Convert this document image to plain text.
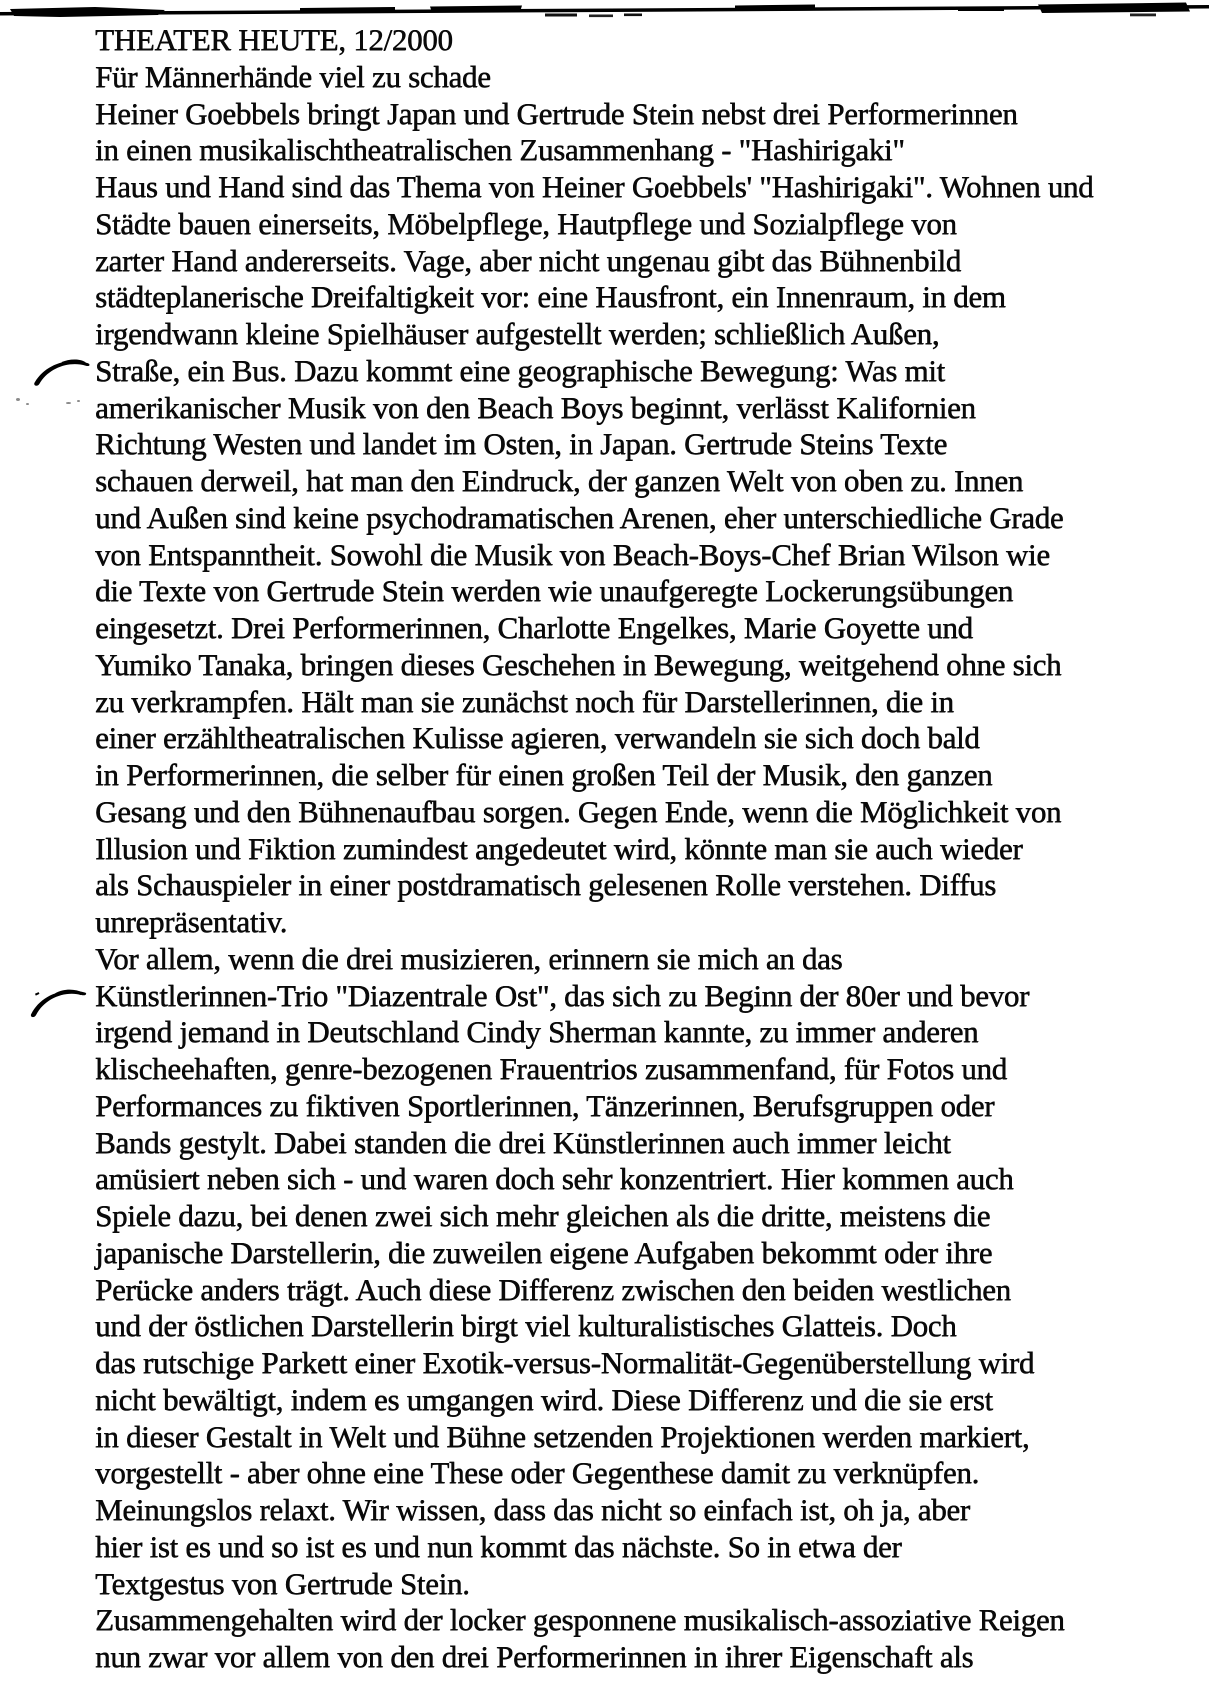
THEATER HEUTE, 12/2000
Für Männerhände viel zu schade
Heiner Goebbels bringt Japan und Gertrude Stein nebst drei Performerinnen
in einen musikalischtheatralischen Zusammenhang - "Hashirigaki"
Haus und Hand sind das Thema von Heiner Goebbels' "Hashirigaki". Wohnen und
Städte bauen einerseits, Möbelpflege, Hautpflege und Sozialpflege von
zarter Hand andererseits. Vage, aber nicht ungenau gibt das Bühnenbild
städteplanerische Dreifaltigkeit vor: eine Hausfront, ein Innenraum, in dem
irgendwann kleine Spielhäuser aufgestellt werden; schließlich Außen,
Straße, ein Bus. Dazu kommt eine geographische Bewegung: Was mit
amerikanischer Musik von den Beach Boys beginnt, verlässt Kalifornien
Richtung Westen und landet im Osten, in Japan. Gertrude Steins Texte
schauen derweil, hat man den Eindruck, der ganzen Welt von oben zu. Innen
und Außen sind keine psychodramatischen Arenen, eher unterschiedliche Grade
von Entspanntheit. Sowohl die Musik von Beach-Boys-Chef Brian Wilson wie
die Texte von Gertrude Stein werden wie unaufgeregte Lockerungsübungen
eingesetzt. Drei Performerinnen, Charlotte Engelkes, Marie Goyette und
Yumiko Tanaka, bringen dieses Geschehen in Bewegung, weitgehend ohne sich
zu verkrampfen. Hält man sie zunächst noch für Darstellerinnen, die in
einer erzähltheatralischen Kulisse agieren, verwandeln sie sich doch bald
in Performerinnen, die selber für einen großen Teil der Musik, den ganzen
Gesang und den Bühnenaufbau sorgen. Gegen Ende, wenn die Möglichkeit von
Illusion und Fiktion zumindest angedeutet wird, könnte man sie auch wieder
als Schauspieler in einer postdramatisch gelesenen Rolle verstehen. Diffus
unrepräsentativ.
Vor allem, wenn die drei musizieren, erinnern sie mich an das
Künstlerinnen-Trio "Diazentrale Ost", das sich zu Beginn der 80er und bevor
irgend jemand in Deutschland Cindy Sherman kannte, zu immer anderen
klischeehaften, genre-bezogenen Frauentrios zusammenfand, für Fotos und
Performances zu fiktiven Sportlerinnen, Tänzerinnen, Berufsgruppen oder
Bands gestylt. Dabei standen die drei Künstlerinnen auch immer leicht
amüsiert neben sich - und waren doch sehr konzentriert. Hier kommen auch
Spiele dazu, bei denen zwei sich mehr gleichen als die dritte, meistens die
japanische Darstellerin, die zuweilen eigene Aufgaben bekommt oder ihre
Perücke anders trägt. Auch diese Differenz zwischen den beiden westlichen
und der östlichen Darstellerin birgt viel kulturalistisches Glatteis. Doch
das rutschige Parkett einer Exotik-versus-Normalität-Gegenüberstellung wird
nicht bewältigt, indem es umgangen wird. Diese Differenz und die sie erst
in dieser Gestalt in Welt und Bühne setzenden Projektionen werden markiert,
vorgestellt - aber ohne eine These oder Gegenthese damit zu verknüpfen.
Meinungslos relaxt. Wir wissen, dass das nicht so einfach ist, oh ja, aber
hier ist es und so ist es und nun kommt das nächste. So in etwa der
Textgestus von Gertrude Stein.
Zusammengehalten wird der locker gesponnene musikalisch-assoziative Reigen
nun zwar vor allem von den drei Performerinnen in ihrer Eigenschaft als
